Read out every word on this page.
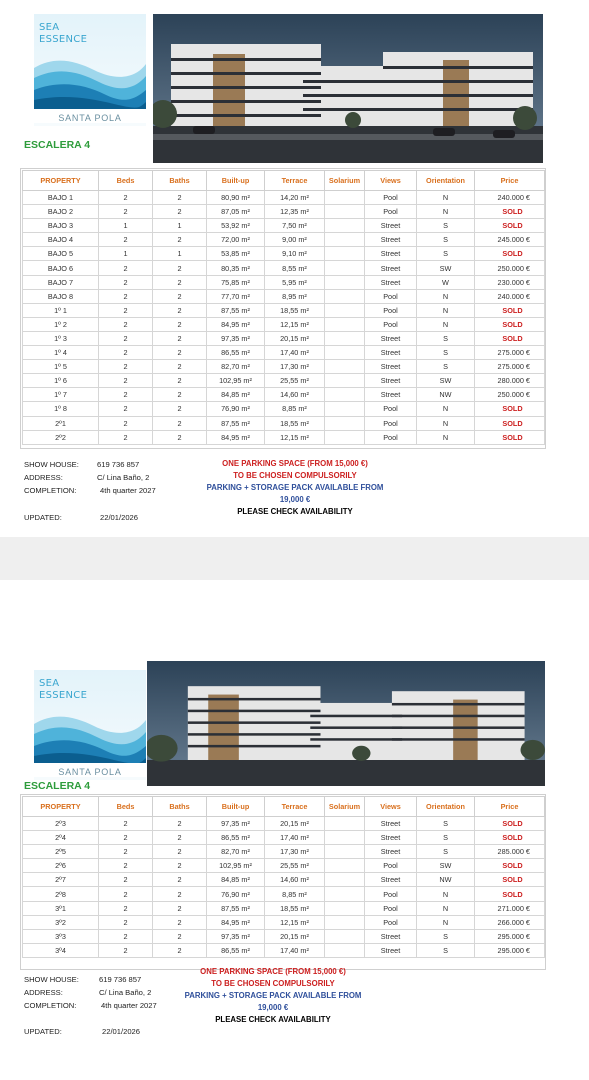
SEA
ESSENCE
SANTA POLA
ESCALERA 4
PROPERTY	Beds	Baths	Built-up	Terrace	Solarium	Views	Orientation	Price
BAJO 1	2	2	80,90 m²	14,20 m²		Pool	N	240.000 €
BAJO 2	2	2	87,05 m²	12,35 m²		Pool	N	SOLD
BAJO 3	1	1	53,92 m²	7,50 m²		Street	S	SOLD
BAJO 4	2	2	72,00 m²	9,00 m²		Street	S	245.000 €
BAJO 5	1	1	53,85 m²	9,10 m²		Street	S	SOLD
BAJO 6	2	2	80,35 m²	8,55 m²		Street	SW	250.000 €
BAJO 7	2	2	75,85 m²	5,95 m²		Street	W	230.000 €
BAJO 8	2	2	77,70 m²	8,95 m²		Pool	N	240.000 €
1º 1	2	2	87,55 m²	18,55 m²		Pool	N	SOLD
1º 2	2	2	84,95 m²	12,15 m²		Pool	N	SOLD
1º 3	2	2	97,35 m²	20,15 m²		Street	S	SOLD
1º 4	2	2	86,55 m²	17,40 m²		Street	S	275.000 €
1º 5	2	2	82,70 m²	17,30 m²		Street	S	275.000 €
1º 6	2	2	102,95 m²	25,55 m²		Street	SW	280.000 €
1º 7	2	2	84,85 m²	14,60 m²		Street	NW	250.000 €
1º 8	2	2	76,90 m²	8,85 m²		Pool	N	SOLD
2º1	2	2	87,55 m²	18,55 m²		Pool	N	SOLD
2º2	2	2	84,95 m²	12,15 m²		Pool	N	SOLD
SHOW HOUSE: 619 736 857
ADDRESS:	C/ Lina Baño, 2
COMPLETION:	4th quarter 2027
UPDATED:	22/01/2026
ONE PARKING SPACE (FROM 15,000 €)
TO BE CHOSEN COMPULSORILY
PARKING + STORAGE PACK AVAILABLE FROM
19,000 €
PLEASE CHECK AVAILABILITY
SEA
ESSENCE
SANTA POLA
ESCALERA 4
PROPERTY	Beds	Baths	Built-up	Terrace	Solarium	Views	Orientation	Price
2º3	2	2	97,35 m²	20,15 m²		Street	S	SOLD
2º4	2	2	86,55 m²	17,40 m²		Street	S	SOLD
2º5	2	2	82,70 m²	17,30 m²		Street	S	285.000 €
2º6	2	2	102,95 m²	25,55 m²		Pool	SW	SOLD
2º7	2	2	84,85 m²	14,60 m²		Street	NW	SOLD
2º8	2	2	76,90 m²	8,85 m²		Pool	N	SOLD
3º1	2	2	87,55 m²	18,55 m²		Pool	N	271.000 €
3º2	2	2	84,95 m²	12,15 m²		Pool	N	266.000 €
3º3	2	2	97,35 m²	20,15 m²		Street	S	295.000 €
3º4	2	2	86,55 m²	17,40 m²		Street	S	295.000 €
SHOW HOUSE:	619 736 857
ADDRESS:	C/ Lina Baño, 2
COMPLETION:	4th quarter 2027
UPDATED:	22/01/2026
ONE PARKING SPACE (FROM 15,000 €)
TO BE CHOSEN COMPULSORILY
PARKING + STORAGE PACK AVAILABLE FROM
19,000 €
PLEASE CHECK AVAILABILITY
